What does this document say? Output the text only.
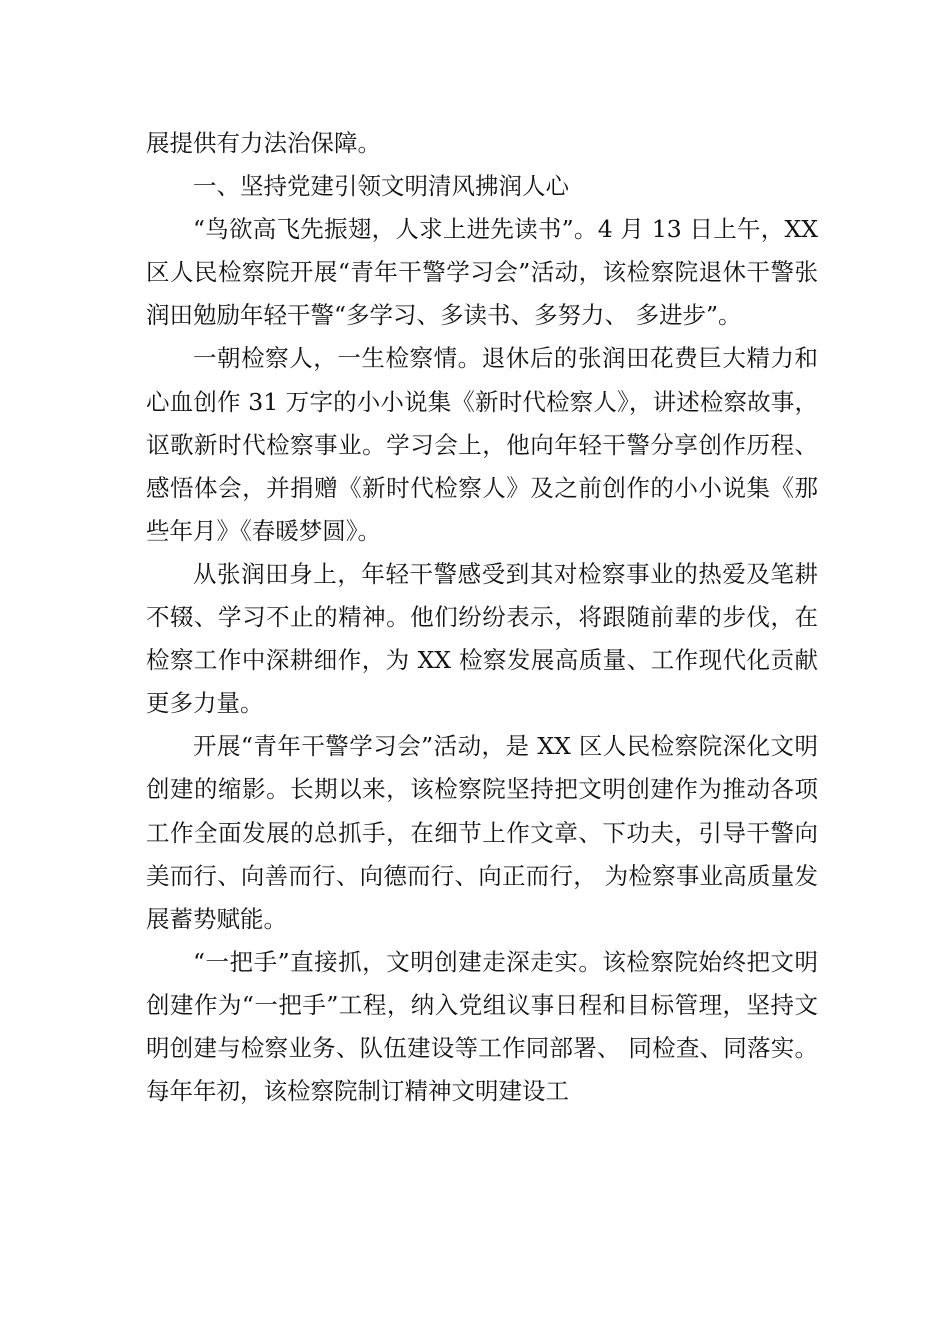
展提供有力法治保障。

一、坚持党建引领文明清风拂润人心

“鸟欲高飞先振翅，人求上进先读书”。4 月 13 日上午，XX 区人民检察院开展“青年干警学习会”活动，该检察院退休干警张润田勉励年轻干警“多学习、多读书、多努力、 多进步”。

一朝检察人，一生检察情。退休后的张润田花费巨大精力和心血创作 31 万字的小小说集《新时代检察人》，讲述检察故事，讴歌新时代检察事业。学习会上，他向年轻干警分享创作历程、感悟体会，并捐赠《新时代检察人》及之前创作的小小说集《那些年月》《春暖梦圆》。

从张润田身上，年轻干警感受到其对检察事业的热爱及笔耕不辍、学习不止的精神。他们纷纷表示，将跟随前辈的步伐，在检察工作中深耕细作，为 XX 检察发展高质量、工作现代化贡献更多力量。

开展“青年干警学习会”活动，是 XX 区人民检察院深化文明创建的缩影。长期以来，该检察院坚持把文明创建作为推动各项工作全面发展的总抓手，在细节上作文章、下功夫，引导干警向美而行、向善而行、向德而行、向正而行， 为检察事业高质量发展蓄势赋能。

“一把手”直接抓，文明创建走深走实。该检察院始终把文明创建作为“一把手”工程，纳入党组议事日程和目标管理，坚持文明创建与检察业务、队伍建设等工作同部署、 同检查、同落实。每年年初，该检察院制订精神文明建设工
